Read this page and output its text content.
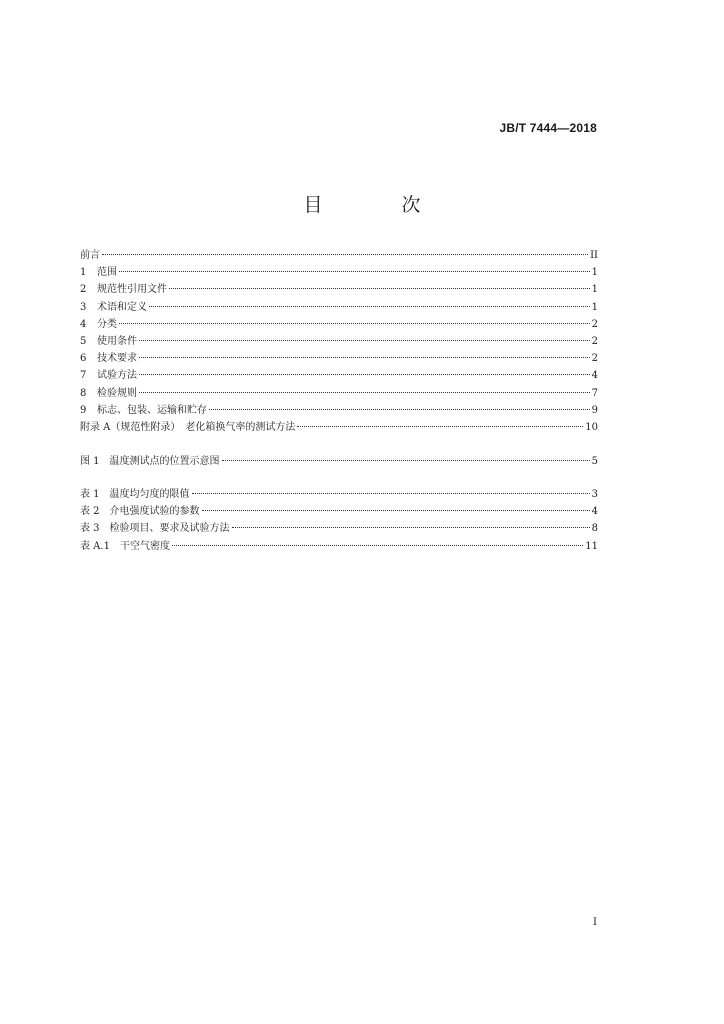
JB/T 7444—2018
目　次
前言	II
1 范围	1
2 规范性引用文件	1
3 术语和定义	1
4 分类	2
5 使用条件	2
6 技术要求	2
7 试验方法	4
8 检验规则	7
9 标志、包装、运输和贮存	9
附录 A（规范性附录）　老化箱换气率的测试方法	10
图 1　温度测试点的位置示意图	5
表 1　温度均匀度的限值	3
表 2　介电强度试验的参数	4
表 3　检验项目、要求及试验方法	8
表 A.1　干空气密度	11
I
